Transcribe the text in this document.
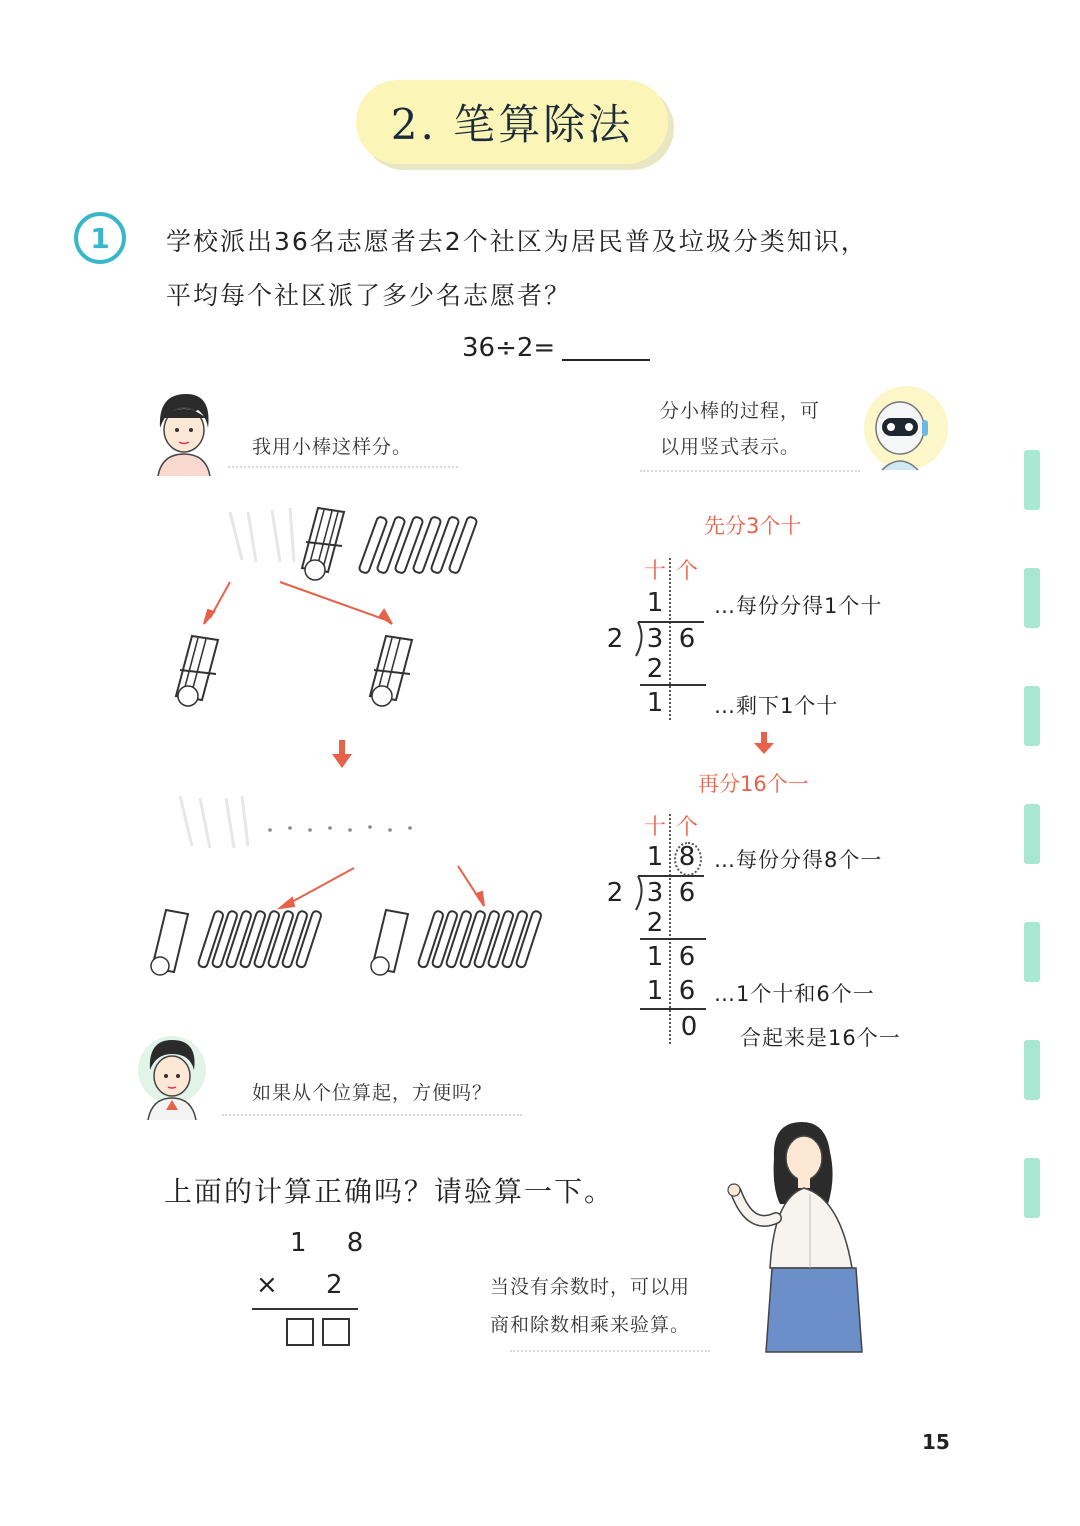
2. 笔算除法
1	学校派出36名志愿者去2个社区为居民普及垃圾分类知识，
平均每个社区派了多少名志愿者？
36÷2=
我用小棒这样分。
分小棒的过程，可
以用竖式表示。
先分3个十
十 个
1	…每份分得1个十
2 3 6
2
1	…剩下1个十
再分16个一
十 个
1 8 …每份分得8个一
2 3 6
2
1 6
1 6 …1个十和6个一
0	合起来是16个一
如果从个位算起，方便吗？
上面的计算正确吗？请验算一下。
1 8
× 2	当没有余数时，可以用
商和除数相乘来验算。
15
